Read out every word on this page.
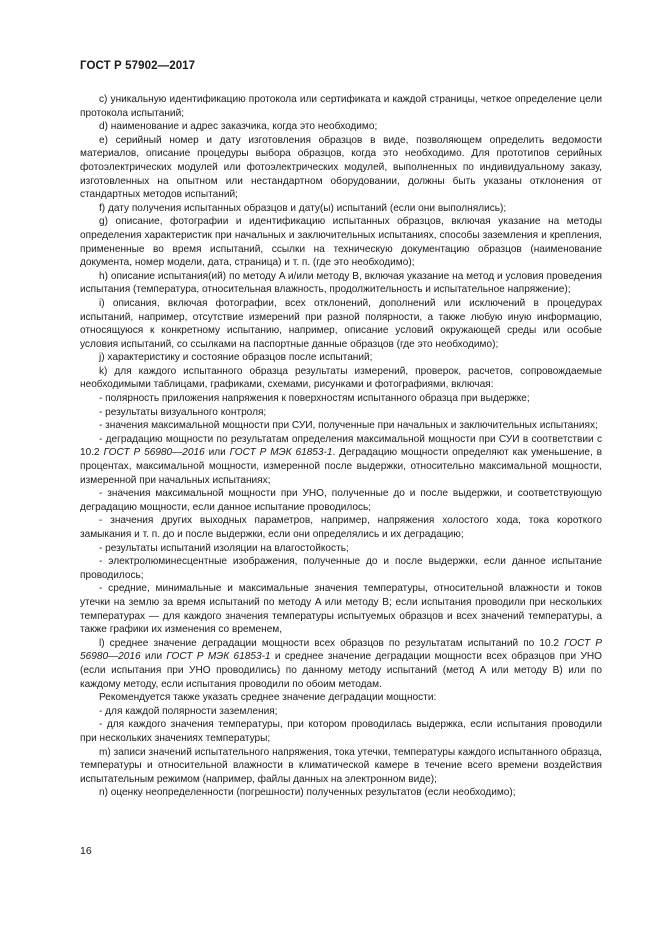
ГОСТ Р 57902—2017

c) уникальную идентификацию протокола или сертификата и каждой страницы, четкое определение цели протокола испытаний;

d) наименование и адрес заказчика, когда это необходимо;

e) серийный номер и дату изготовления образцов в виде, позволяющем определить ведомости материалов, описание процедуры выбора образцов, когда это необходимо. Для прототипов серийных фотоэлектрических модулей или фотоэлектрических модулей, выполненных по индивидуальному заказу, изготовленных на опытном или нестандартном оборудовании, должны быть указаны отклонения от стандартных методов испытаний;

f) дату получения испытанных образцов и дату(ы) испытаний (если они выполнялись);

g) описание, фотографии и идентификацию испытанных образцов, включая указание на методы определения характеристик при начальных и заключительных испытаниях, способы заземления и крепления, примененные во время испытаний, ссылки на техническую документацию образцов (наименование документа, номер модели, дата, страница) и т. п. (где это необходимо);

h) описание испытания(ий) по методу A и/или методу B, включая указание на метод и условия проведения испытания (температура, относительная влажность, продолжительность и испытательное напряжение);

i) описания, включая фотографии, всех отклонений, дополнений или исключений в процедурах испытаний, например, отсутствие измерений при разной полярности, а также любую иную информацию, относящуюся к конкретному испытанию, например, описание условий окружающей среды или особые условия испытаний, со ссылками на паспортные данные образцов (где это необходимо);

j) характеристику и состояние образцов после испытаний;

k) для каждого испытанного образца результаты измерений, проверок, расчетов, сопровождаемые необходимыми таблицами, графиками, схемами, рисунками и фотографиями, включая:

- полярность приложения напряжения к поверхностям испытанного образца при выдержке;

- результаты визуального контроля;

- значения максимальной мощности при СУИ, полученные при начальных и заключительных испытаниях;

- деградацию мощности по результатам определения максимальной мощности при СУИ в соответствии с 10.2 ГОСТ Р 56980—2016 или ГОСТ Р МЭК 61853-1. Деградацию мощности определяют как уменьшение, в процентах, максимальной мощности, измеренной после выдержки, относительно максимальной мощности, измеренной при начальных испытаниях;

- значения максимальной мощности при УНО, полученные до и после выдержки, и соответствующую деградацию мощности, если данное испытание проводилось;

- значения других выходных параметров, например, напряжения холостого хода, тока короткого замыкания и т. п. до и после выдержки, если они определялись и их деградацию;

- результаты испытаний изоляции на влагостойкость;

- электролюминесцентные изображения, полученные до и после выдержки, если данное испытание проводилось;

- средние, минимальные и максимальные значения температуры, относительной влажности и токов утечки на землю за время испытаний по методу A или методу B; если испытания проводили при нескольких температурах — для каждого значения температуры испытуемых образцов и всех значений температуры, а также графики их изменения со временем,

l) среднее значение деградации мощности всех образцов по результатам испытаний по 10.2 ГОСТ Р 56980—2016 или ГОСТ Р МЭК 61853-1 и среднее значение деградации мощности всех образцов при УНО (если испытания при УНО проводились) по данному методу испытаний (метод A или методу B) или по каждому методу, если испытания проводили по обоим методам.

Рекомендуется также указать среднее значение деградации мощности:

- для каждой полярности заземления;

- для каждого значения температуры, при котором проводилась выдержка, если испытания проводили при нескольких значениях температуры;

m) записи значений испытательного напряжения, тока утечки, температуры каждого испытанного образца, температуры и относительной влажности в климатической камере в течение всего времени воздействия испытательным режимом (например, файлы данных на электронном виде);

n) оценку неопределенности (погрешности) полученных результатов (если необходимо);

16
